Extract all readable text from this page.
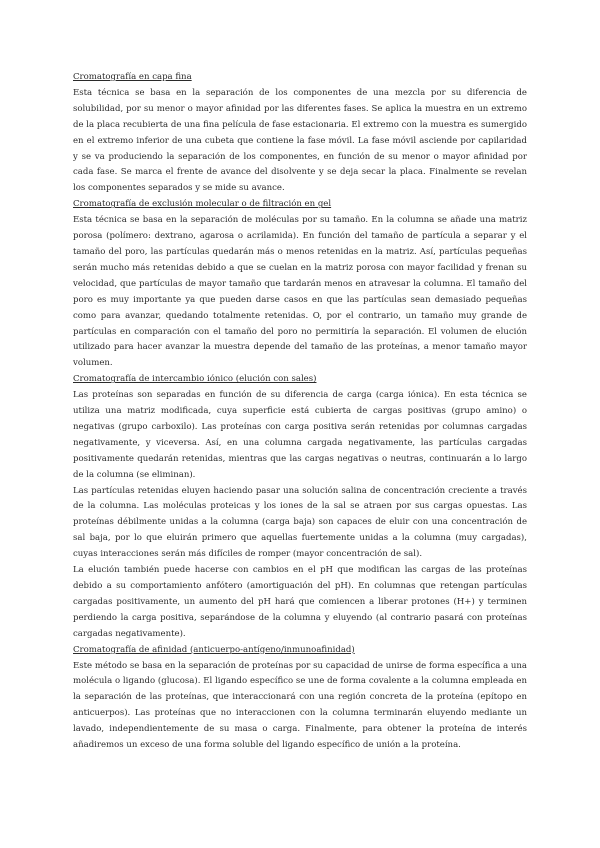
Cromatografía en capa fina

Esta técnica se basa en la separación de los componentes de una mezcla por su diferencia de solubilidad, por su menor o mayor afinidad por las diferentes fases. Se aplica la muestra en un extremo de la placa recubierta de una fina película de fase estacionaria. El extremo con la muestra es sumergido en el extremo inferior de una cubeta que contiene la fase móvil. La fase móvil asciende por capilaridad y se va produciendo la separación de los componentes, en función de su menor o mayor afinidad por cada fase. Se marca el frente de avance del disolvente y se deja secar la placa. Finalmente se revelan los componentes separados y se mide su avance.

Cromatografía de exclusión molecular o de filtración en gel

Esta técnica se basa en la separación de moléculas por su tamaño. En la columna se añade una matriz porosa (polímero: dextrano, agarosa o acrilamida). En función del tamaño de partícula a separar y el tamaño del poro, las partículas quedarán más o menos retenidas en la matriz. Así, partículas pequeñas serán mucho más retenidas debido a que se cuelan en la matriz porosa con mayor facilidad y frenan su velocidad, que partículas de mayor tamaño que tardarán menos en atravesar la columna. El tamaño del poro es muy importante ya que pueden darse casos en que las partículas sean demasiado pequeñas como para avanzar, quedando totalmente retenidas. O, por el contrario, un tamaño muy grande de partículas en comparación con el tamaño del poro no permitiría la separación. El volumen de elución utilizado para hacer avanzar la muestra depende del tamaño de las proteínas, a menor tamaño mayor volumen.

Cromatografía de intercambio iónico (elución con sales)

Las proteínas son separadas en función de su diferencia de carga (carga iónica). En esta técnica se utiliza una matriz modificada, cuya superficie está cubierta de cargas positivas (grupo amino) o negativas (grupo carboxilo). Las proteínas con carga positiva serán retenidas por columnas cargadas negativamente, y viceversa. Así, en una columna cargada negativamente, las partículas cargadas positivamente quedarán retenidas, mientras que las cargas negativas o neutras, continuarán a lo largo de la columna (se eliminan).

Las partículas retenidas eluyen haciendo pasar una solución salina de concentración creciente a través de la columna. Las moléculas proteicas y los iones de la sal se atraen por sus cargas opuestas. Las proteínas débilmente unidas a la columna (carga baja) son capaces de eluir con una concentración de sal baja, por lo que eluirán primero que aquellas fuertemente unidas a la columna (muy cargadas), cuyas interacciones serán más difíciles de romper (mayor concentración de sal).

La elución también puede hacerse con cambios en el pH que modifican las cargas de las proteínas debido a su comportamiento anfótero (amortiguación del pH). En columnas que retengan partículas cargadas positivamente, un aumento del pH hará que comiencen a liberar protones (H+) y terminen perdiendo la carga positiva, separándose de la columna y eluyendo (al contrario pasará con proteínas cargadas negativamente).

Cromatografía de afinidad (anticuerpo-antígeno/inmunoafinidad)

Este método se basa en la separación de proteínas por su capacidad de unirse de forma específica a una molécula o ligando (glucosa). El ligando específico se une de forma covalente a la columna empleada en la separación de las proteínas, que interaccionará con una región concreta de la proteína (epítopo en anticuerpos). Las proteínas que no interaccionen con la columna terminarán eluyendo mediante un lavado, independientemente de su masa o carga. Finalmente, para obtener la proteína de interés añadiremos un exceso de una forma soluble del ligando específico de unión a la proteína.
